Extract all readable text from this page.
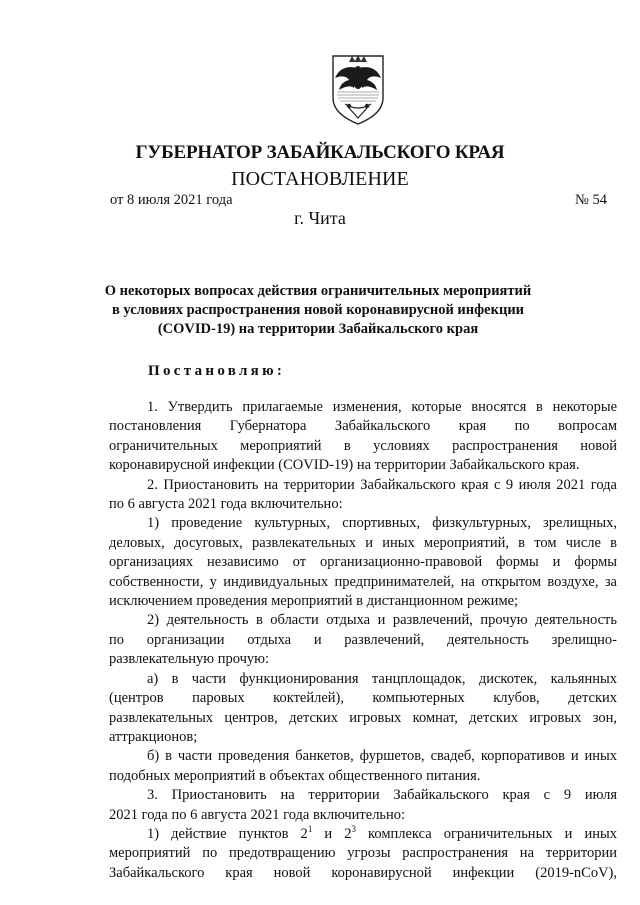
ГУБЕРНАТОР ЗАБАЙКАЛЬСКОГО КРАЯ
ПОСТАНОВЛЕНИЕ
от 8 июля 2021 года	№ 54
г. Чита
О некоторых вопросах действия ограничительных мероприятий
в условиях распространения новой коронавирусной инфекции
(COVID-19) на территории Забайкальского края
Постановляю:
1. Утвердить прилагаемые изменения, которые вносятся в некоторые
постановления Губернатора Забайкальского края по вопросам
ограничительных мероприятий в условиях распространения новой
коронавирусной инфекции (COVID-19) на территории Забайкальского края.
2. Приостановить на территории Забайкальского края с 9 июля 2021 года
по 6 августа 2021 года включительно:
1) проведение культурных, спортивных, физкультурных, зрелищных,
деловых, досуговых, развлекательных и иных мероприятий, в том числе в
организациях независимо от организационно-правовой формы и формы
собственности, у индивидуальных предпринимателей, на открытом воздухе, за
исключением проведения мероприятий в дистанционном режиме;
2) деятельность в области отдыха и развлечений, прочую деятельность
по организации отдыха и развлечений, деятельность зрелищно-
развлекательную прочую:
а) в части функционирования танцплощадок, дискотек, кальянных
(центров паровых коктейлей), компьютерных клубов, детских
развлекательных центров, детских игровых комнат, детских игровых зон,
аттракционов;
б) в части проведения банкетов, фуршетов, свадеб, корпоративов и иных
подобных мероприятий в объектах общественного питания.
3. Приостановить на территории Забайкальского края с 9 июля
2021 года по 6 августа 2021 года включительно:
1) действие пунктов $2^1$ и $2^3$ комплекса ограничительных и иных
мероприятий по предотвращению угрозы распространения на территории
Забайкальского края новой коронавирусной инфекции (2019-nCoV),
